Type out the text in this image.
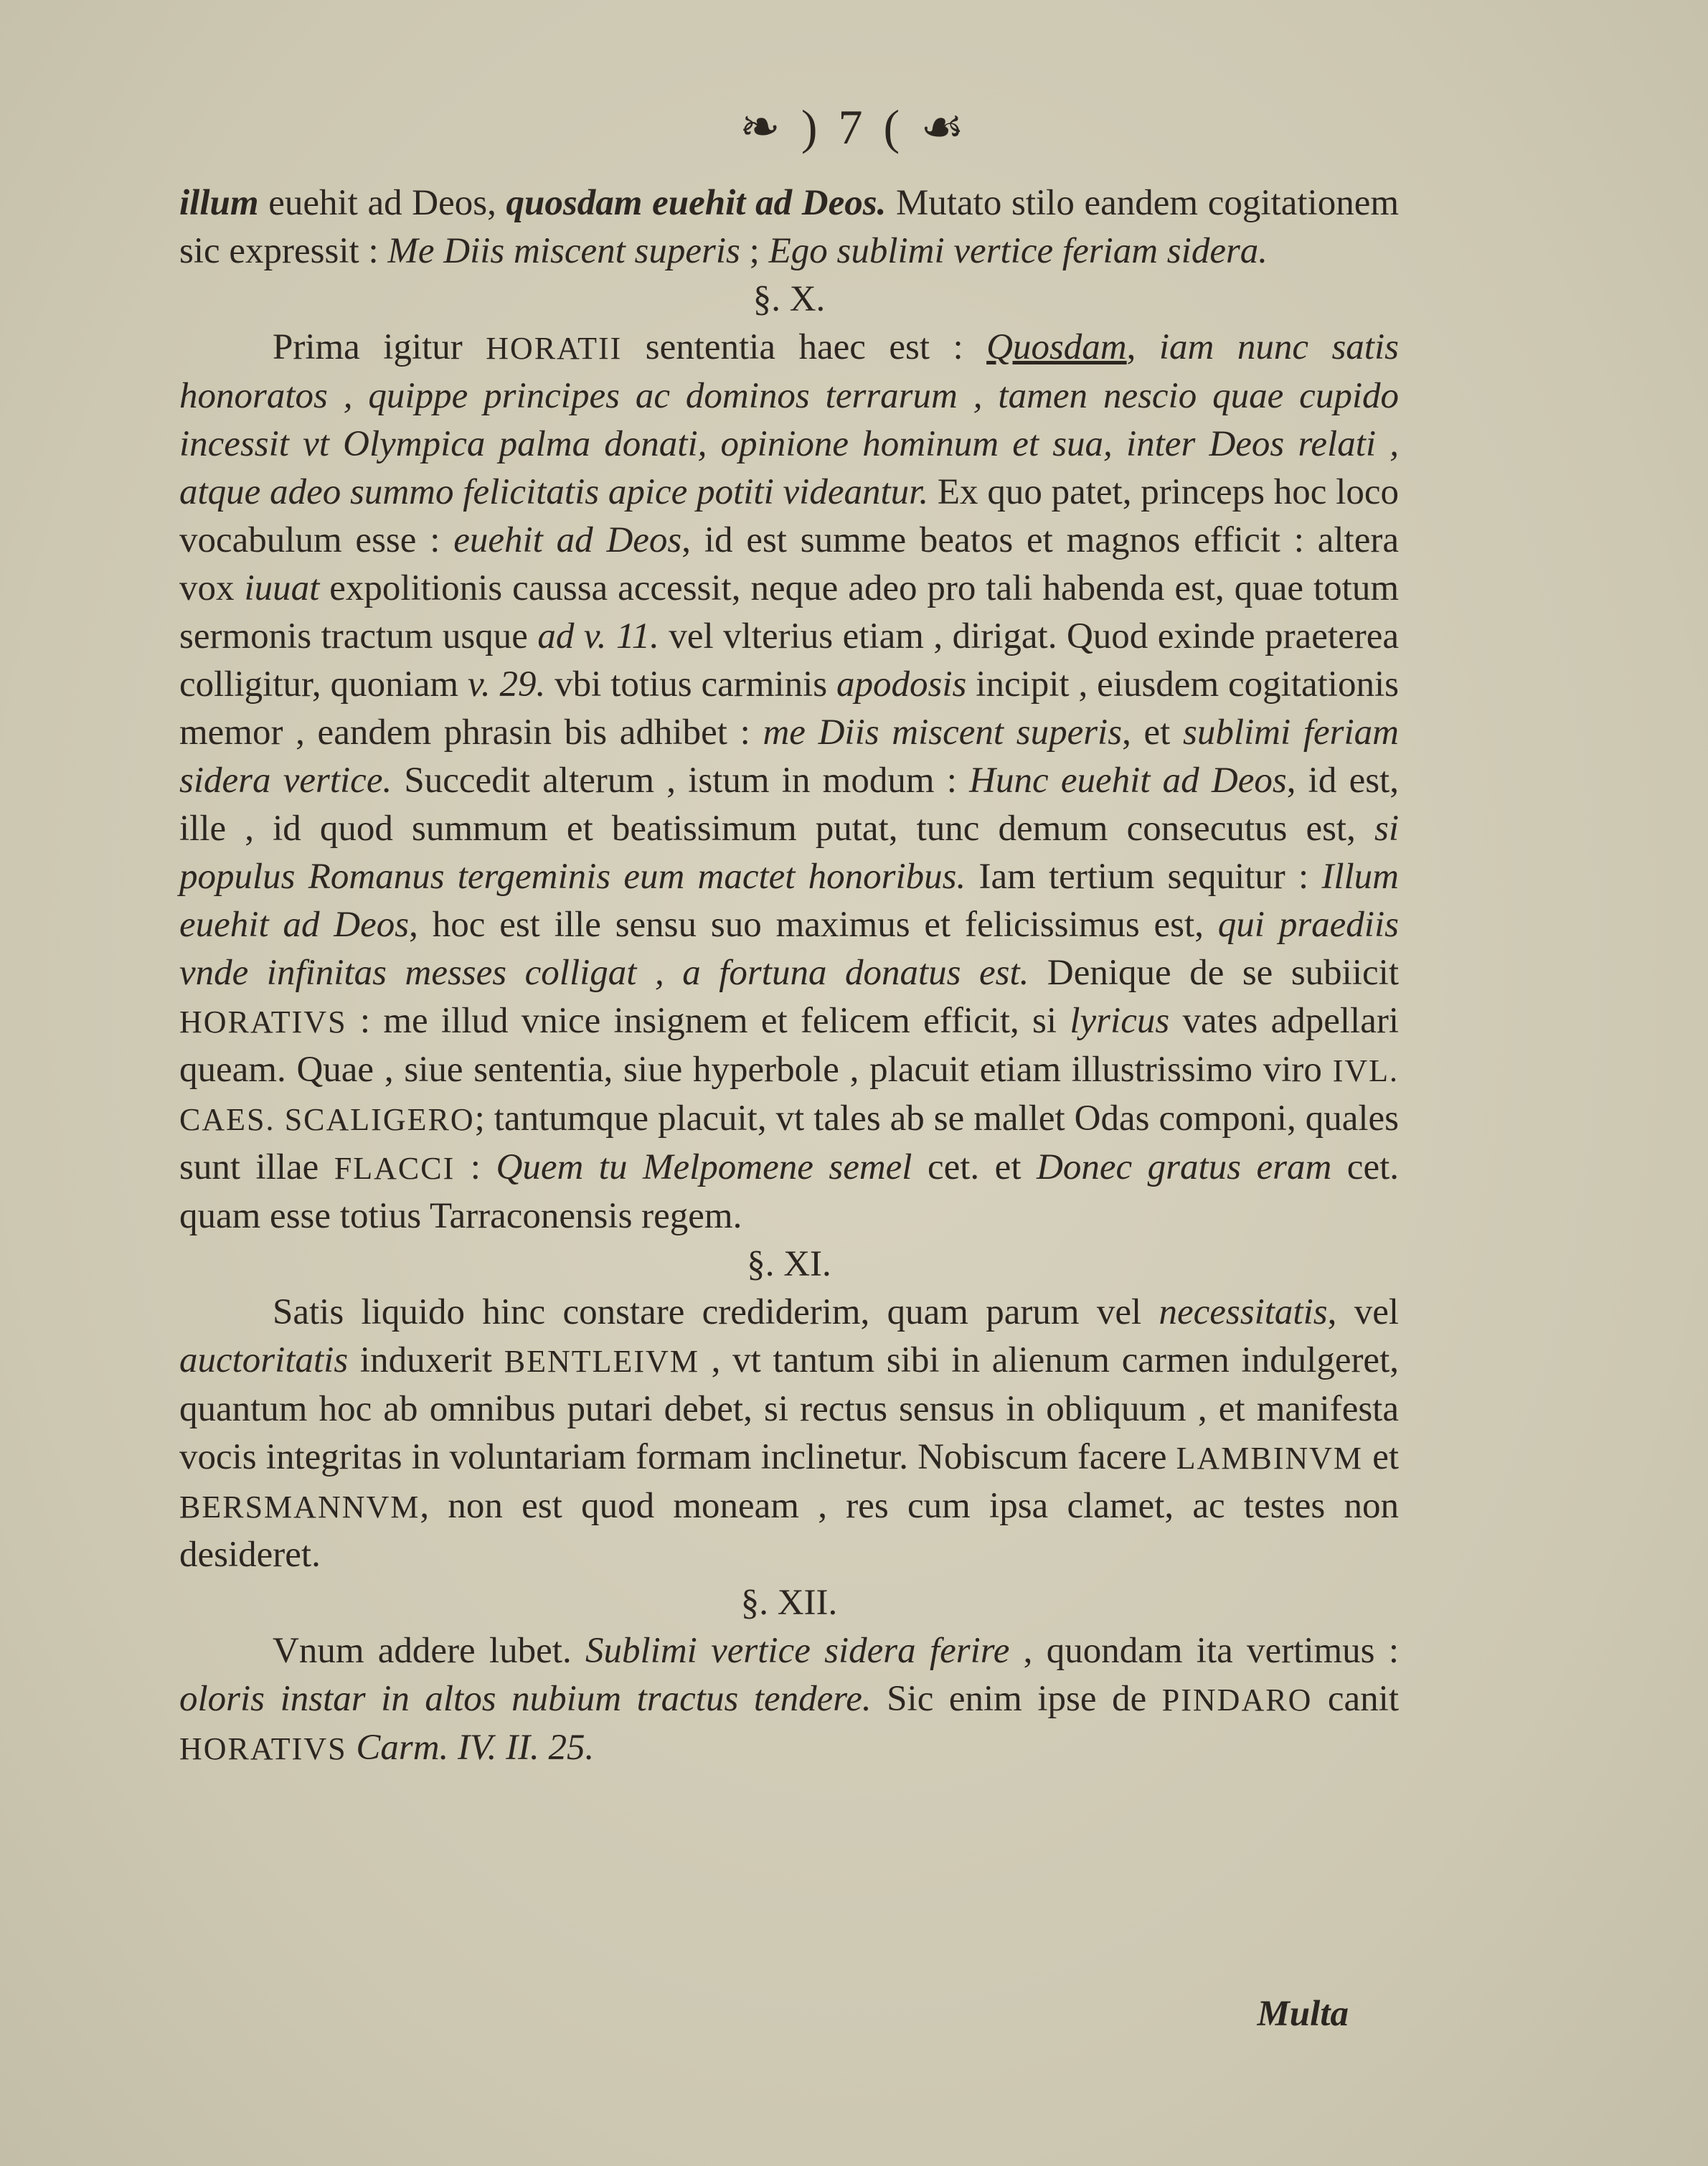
❧ ) 7 ( ☙

illum euehit ad Deos, quosdam euehit ad Deos. Mutato stilo eandem cogitationem sic expressit : Me Diis miscent superis ; Ego sublimi vertice feriam sidera.

§. X.

Prima igitur HORATII sententia haec est : Quosdam, iam nunc satis honoratos , quippe principes ac dominos terrarum , tamen nescio quae cupido incessit vt Olympica palma donati, opinione hominum et sua, inter Deos relati , atque adeo summo felicitatis apice potiti videantur. Ex quo patet, princeps hoc loco vocabulum esse : euehit ad Deos, id est summe beatos et magnos efficit : altera vox iuuat expolitionis caussa accessit, neque adeo pro tali habenda est, quae totum sermonis tractum usque ad v. 11. vel vlterius etiam , dirigat. Quod exinde praeterea colligitur, quoniam v. 29. vbi totius carminis apodosis incipit , eiusdem cogitationis memor , eandem phrasin bis adhibet : me Diis miscent superis, et sublimi feriam sidera vertice. Succedit alterum , istum in modum : Hunc euehit ad Deos, id est, ille , id quod summum et beatissimum putat, tunc demum consecutus est, si populus Romanus tergeminis eum mactet honoribus. Iam tertium sequitur : Illum euehit ad Deos, hoc est ille sensu suo maximus et felicissimus est, qui praediis vnde infinitas messes colligat , a fortuna donatus est. Denique de se subiicit HORATIVS : me illud vnice insignem et felicem efficit, si lyricus vates adpellari queam. Quae , siue sententia, siue hyperbole , placuit etiam illustrissimo viro IVL. CAES. SCALIGERO; tantumque placuit, vt tales ab se mallet Odas componi, quales sunt illae FLACCI : Quem tu Melpomene semel cet. et Donec gratus eram cet. quam esse totius Tarraconensis regem.

§. XI.

Satis liquido hinc constare crediderim, quam parum vel necessitatis, vel auctoritatis induxerit BENTLEIVM , vt tantum sibi in alienum carmen indulgeret, quantum hoc ab omnibus putari debet, si rectus sensus in obliquum , et manifesta vocis integritas in voluntariam formam inclinetur. Nobiscum facere LAMBINVM et BERSMANNVM, non est quod moneam , res cum ipsa clamet, ac testes non desideret.

§. XII.

Vnum addere lubet. Sublimi vertice sidera ferire , quondam ita vertimus : oloris instar in altos nubium tractus tendere. Sic enim ipse de PINDARO canit HORATIVS Carm. IV. II. 25.

Multa
